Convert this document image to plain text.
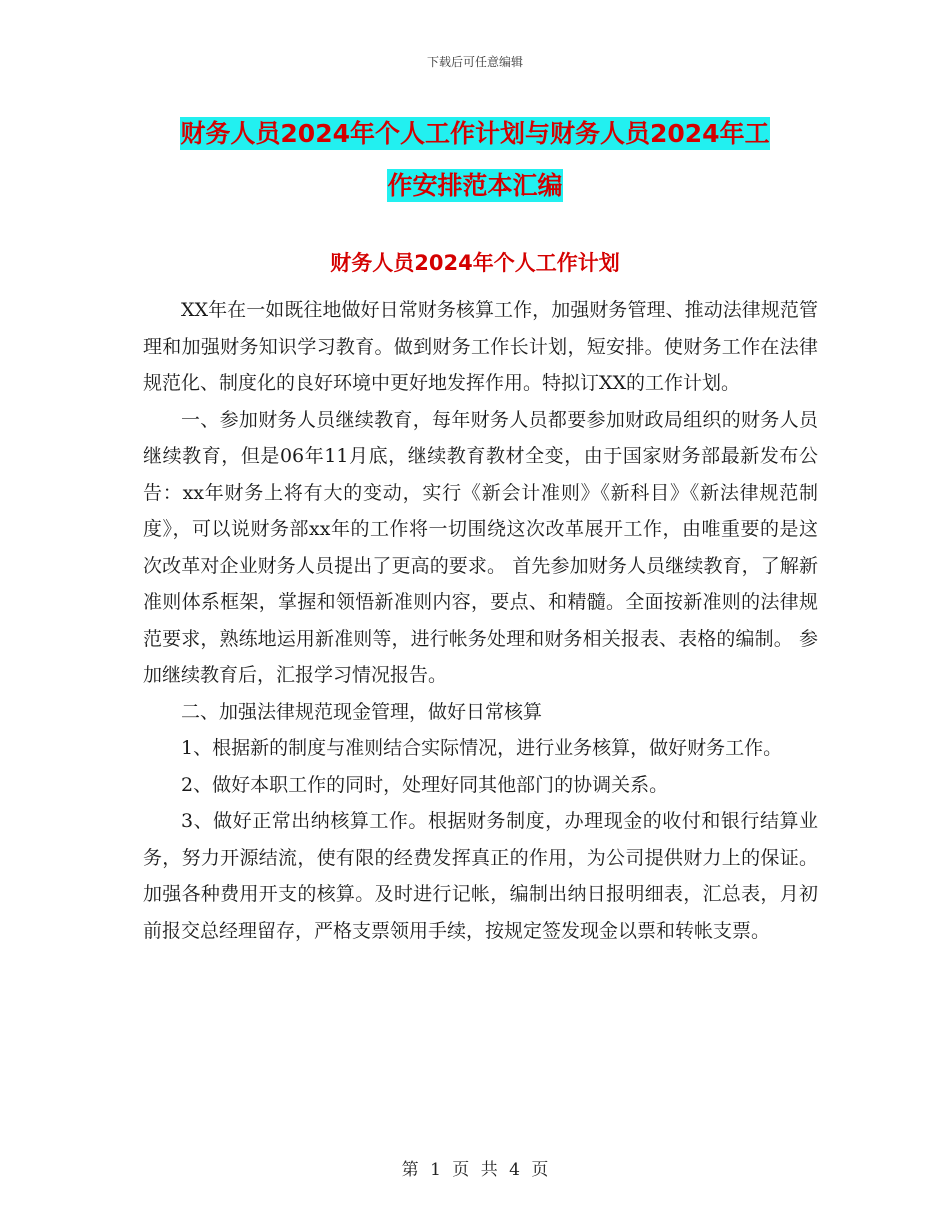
下载后可任意编辑
财务人员2024年个人工作计划与财务人员2024年工
作安排范本汇编
财务人员2024年个人工作计划

XX年在一如既往地做好日常财务核算工作，加强财务管理、推动法律规范管理和加强财务知识学习教育。做到财务工作长计划，短安排。使财务工作在法律规范化、制度化的良好环境中更好地发挥作用。特拟订XX的工作计划。

一、参加财务人员继续教育，每年财务人员都要参加财政局组织的财务人员继续教育，但是06年11月底，继续教育教材全变，由于国家财务部最新发布公告：xx年财务上将有大的变动，实行《新会计准则》《新科目》《新法律规范制度》，可以说财务部xx年的工作将一切围绕这次改革展开工作，由唯重要的是这次改革对企业财务人员提出了更高的要求。 首先参加财务人员继续教育，了解新准则体系框架，掌握和领悟新准则内容，要点、和精髓。全面按新准则的法律规范要求，熟练地运用新准则等，进行帐务处理和财务相关报表、表格的编制。 参加继续教育后，汇报学习情况报告。

二、加强法律规范现金管理，做好日常核算

1、根据新的制度与准则结合实际情况，进行业务核算，做好财务工作。

2、做好本职工作的同时，处理好同其他部门的协调关系。

3、做好正常出纳核算工作。根据财务制度，办理现金的收付和银行结算业务，努力开源结流，使有限的经费发挥真正的作用，为公司提供财力上的保证。加强各种费用开支的核算。及时进行记帐，编制出纳日报明细表，汇总表，月初前报交总经理留存，严格支票领用手续，按规定签发现金以票和转帐支票。

第 1 页 共 4 页
